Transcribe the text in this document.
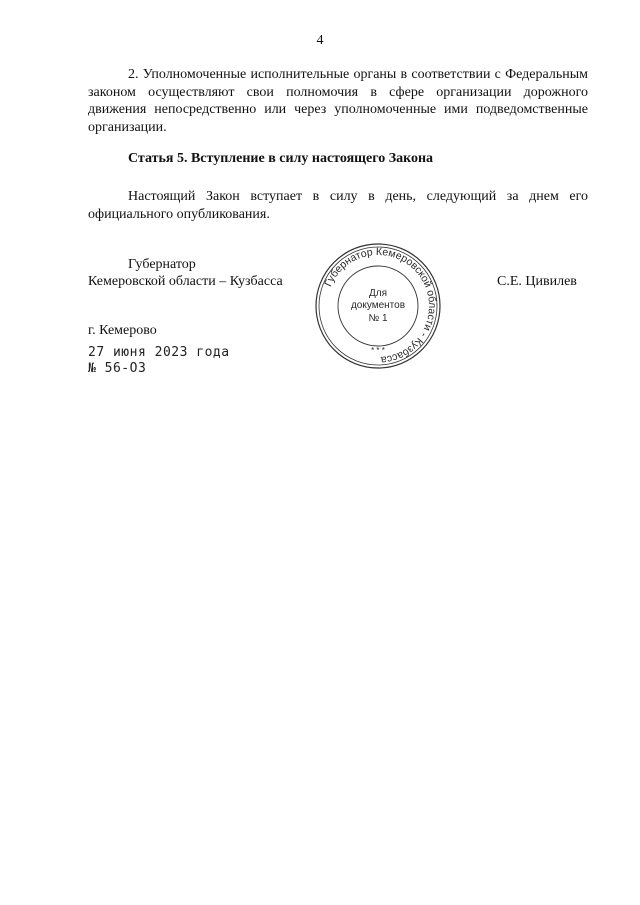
4

2. Уполномоченные исполнительные органы в соответствии с Федеральным законом осуществляют свои полномочия в сфере организации дорожного движения непосредственно или через уполномоченные ими подведомственные организации.

Статья 5. Вступление в силу настоящего Закона

Настоящий Закон вступает в силу в день, следующий за днем его официального опубликования.

Губернатор
Кемеровской области – Кузбасса	С.Е. Цивилев
Губернатор Кемеровской области - Кузбасса
* * *
Для
документов
№ 1
г. Кемерово
27 июня 2023 года
№ 56-ОЗ
